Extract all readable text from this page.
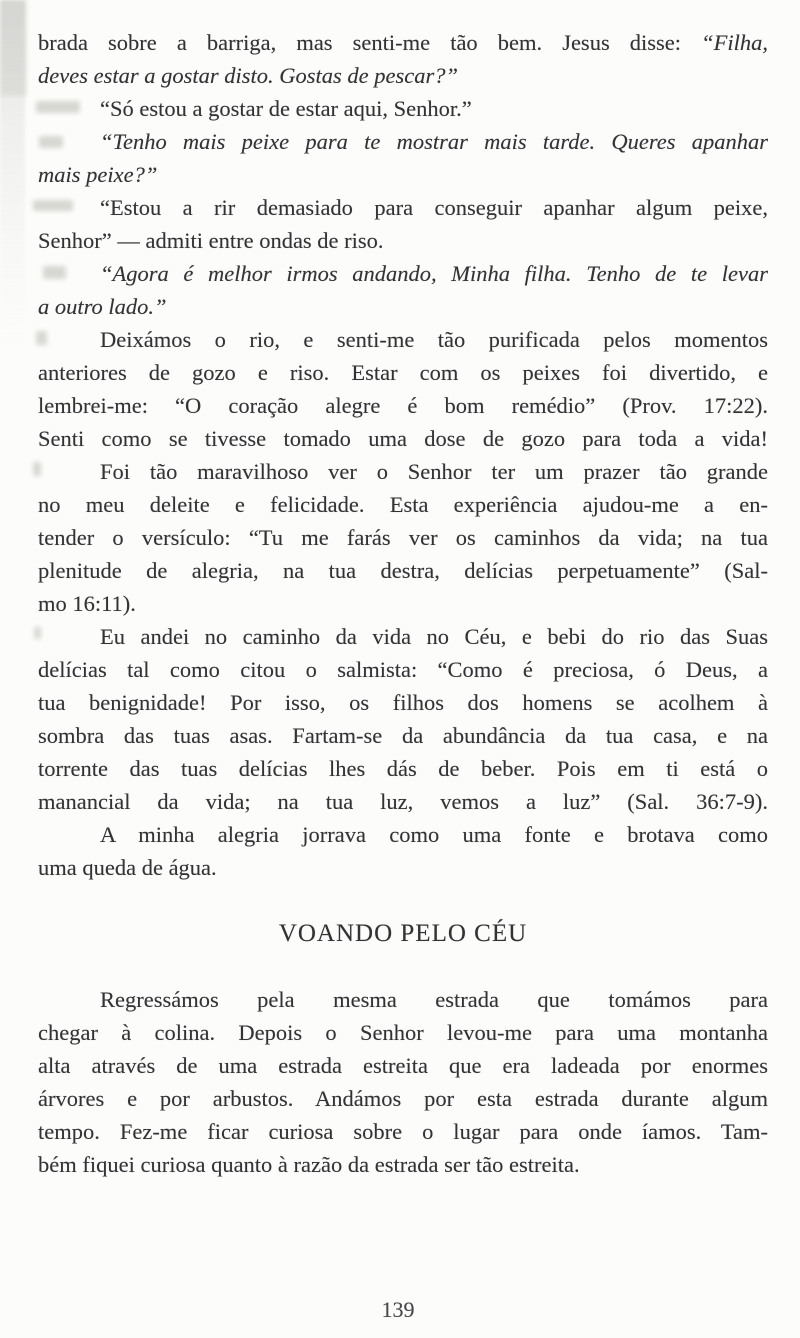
brada sobre a barriga, mas senti-me tão bem. Jesus disse: “Filha,
deves estar a gostar disto. Gostas de pescar?”
“Só estou a gostar de estar aqui, Senhor.”
“Tenho mais peixe para te mostrar mais tarde. Queres apanhar
mais peixe?”
“Estou a rir demasiado para conseguir apanhar algum peixe,
Senhor” — admiti entre ondas de riso.
“Agora é melhor irmos andando, Minha filha. Tenho de te levar
a outro lado.”
Deixámos o rio, e senti-me tão purificada pelos momentos
anteriores de gozo e riso. Estar com os peixes foi divertido, e
lembrei-me: “O coração alegre é bom remédio” (Prov. 17:22).
Senti como se tivesse tomado uma dose de gozo para toda a vida!
Foi tão maravilhoso ver o Senhor ter um prazer tão grande
no meu deleite e felicidade. Esta experiência ajudou-me a en-
tender o versículo: “Tu me farás ver os caminhos da vida; na tua
plenitude de alegria, na tua destra, delícias perpetuamente” (Sal-
mo 16:11).
Eu andei no caminho da vida no Céu, e bebi do rio das Suas
delícias tal como citou o salmista: “Como é preciosa, ó Deus, a
tua benignidade! Por isso, os filhos dos homens se acolhem à
sombra das tuas asas. Fartam-se da abundância da tua casa, e na
torrente das tuas delícias lhes dás de beber. Pois em ti está o
manancial da vida; na tua luz, vemos a luz” (Sal. 36:7-9).
A minha alegria jorrava como uma fonte e brotava como
uma queda de água.
VOANDO PELO CÉU
Regressámos pela mesma estrada que tomámos para
chegar à colina. Depois o Senhor levou-me para uma montanha
alta através de uma estrada estreita que era ladeada por enormes
árvores e por arbustos. Andámos por esta estrada durante algum
tempo. Fez-me ficar curiosa sobre o lugar para onde íamos. Tam-
bém fiquei curiosa quanto à razão da estrada ser tão estreita.
139
